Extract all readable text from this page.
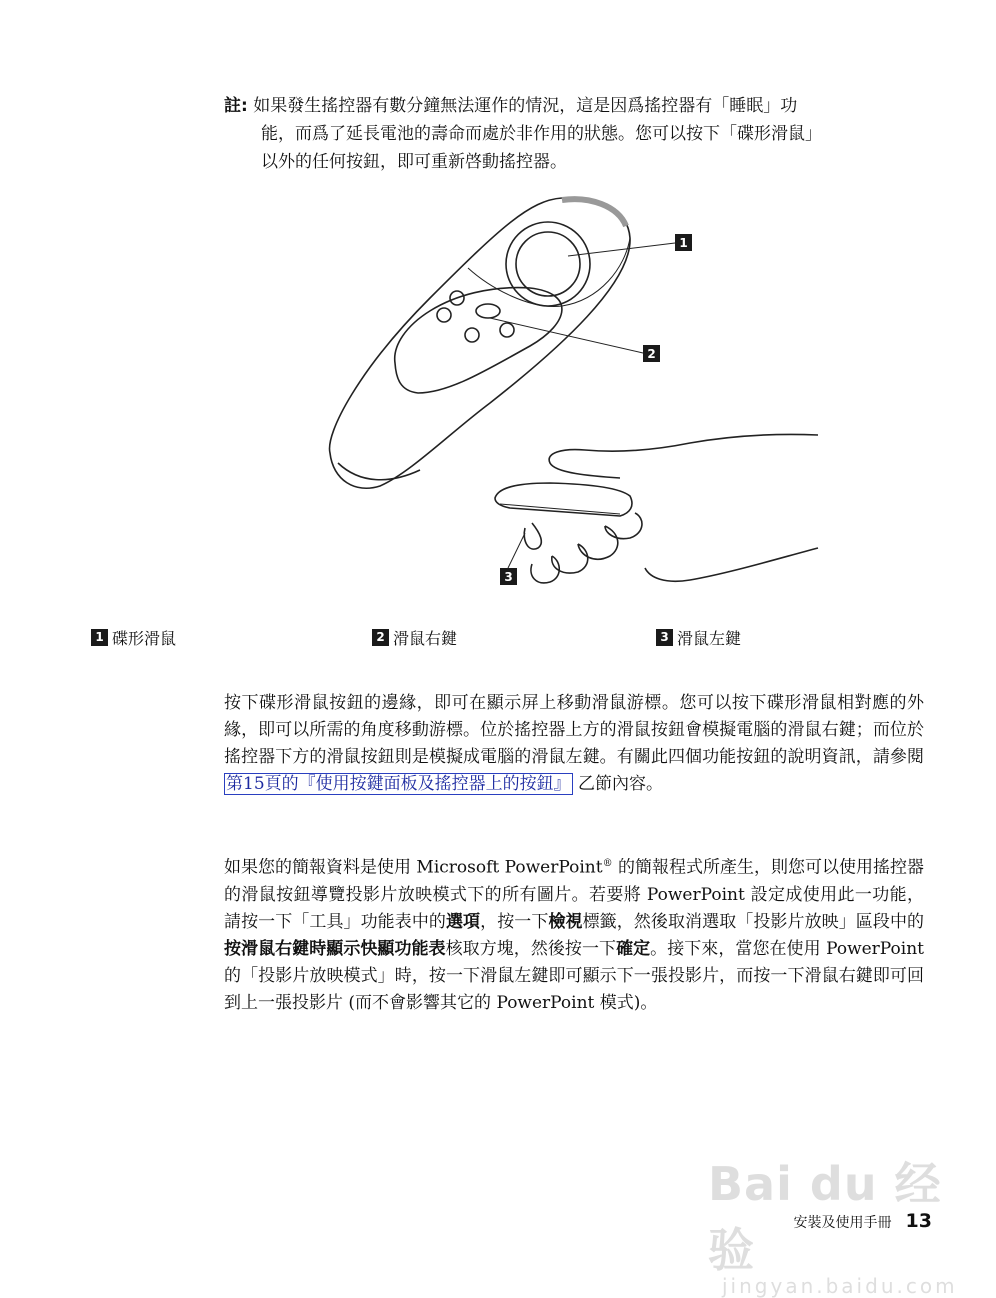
註: 如果發生搖控器有數分鐘無法運作的情況，這是因爲搖控器有「睡眠」功
能，而爲了延長電池的壽命而處於非作用的狀態。您可以按下「碟形滑鼠」
以外的任何按鈕，即可重新啓動搖控器。
1
2
3
1 碟形滑鼠	2 滑鼠右鍵	3 滑鼠左鍵

按下碟形滑鼠按鈕的邊緣，即可在顯示屏上移動滑鼠游標。您可以按下碟形滑鼠相對應的外緣，即可以所需的角度移動游標。位於搖控器上方的滑鼠按鈕會模擬電腦的滑鼠右鍵；而位於搖控器下方的滑鼠按鈕則是模擬成電腦的滑鼠左鍵。有關此四個功能按鈕的說明資訊，請參閱第15頁的『使用按鍵面板及搖控器上的按鈕』 乙節內容。

如果您的簡報資料是使用 Microsoft PowerPoint® 的簡報程式所產生，則您可以使用搖控器的滑鼠按鈕導覽投影片放映模式下的所有圖片。若要將 PowerPoint 設定成使用此一功能，請按一下「工具」功能表中的選項，按一下檢視標籤，然後取消選取「投影片放映」區段中的按滑鼠右鍵時顯示快顯功能表核取方塊，然後按一下確定。接下來，當您在使用 PowerPoint 的「投影片放映模式」時，按一下滑鼠左鍵即可顯示下一張投影片，而按一下滑鼠右鍵即可回到上一張投影片 (而不會影響其它的 PowerPoint 模式)。

Bai du 经验
jingyan.baidu.com
安裝及使用手冊 13
